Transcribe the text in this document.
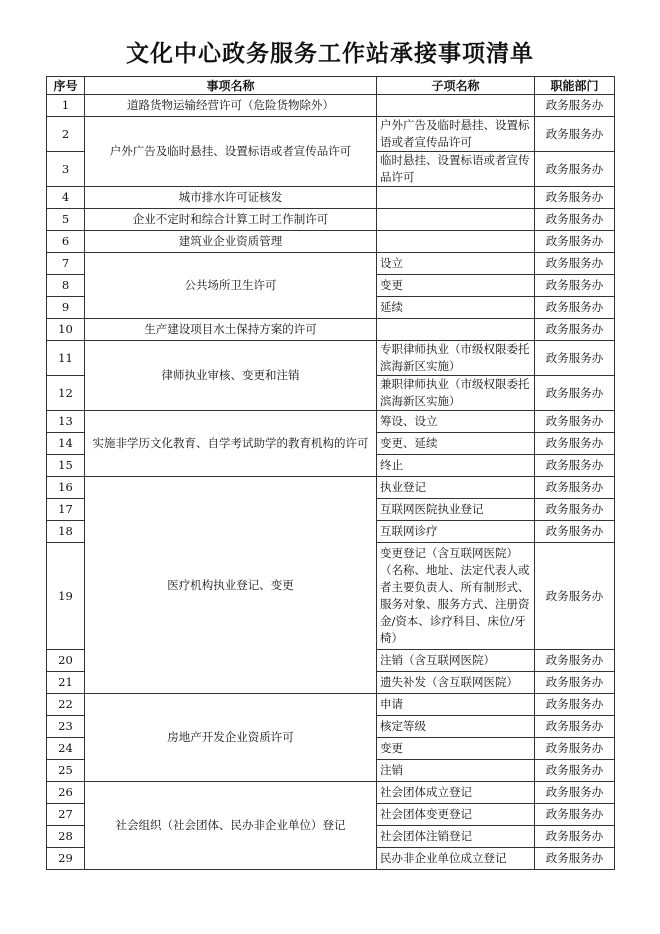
文化中心政务服务工作站承接事项清单
序号	事项名称	子项名称	职能部门
1	道路货物运输经营许可（危险货物除外）		政务服务办
2	户外广告及临时悬挂、设置标语或者宣传品许可	户外广告及临时悬挂、设置标语或者宣传品许可	政务服务办
3		临时悬挂、设置标语或者宣传品许可	政务服务办
4	城市排水许可证核发		政务服务办
5	企业不定时和综合计算工时工作制许可		政务服务办
6	建筑业企业资质管理		政务服务办
7	公共场所卫生许可	设立	政务服务办
8		变更	政务服务办
9		延续	政务服务办
10	生产建设项目水土保持方案的许可		政务服务办
11	律师执业审核、变更和注销	专职律师执业（市级权限委托滨海新区实施）	政务服务办
12		兼职律师执业（市级权限委托滨海新区实施）	政务服务办
13	实施非学历文化教育、自学考试助学的教育机构的许可	筹设、设立	政务服务办
14		变更、延续	政务服务办
15		终止	政务服务办
16	医疗机构执业登记、变更	执业登记	政务服务办
17		互联网医院执业登记	政务服务办
18		互联网诊疗	政务服务办
19		变更登记（含互联网医院）（名称、地址、法定代表人或者主要负责人、所有制形式、服务对象、服务方式、注册资金/资本、诊疗科目、床位/牙椅）	政务服务办
20		注销（含互联网医院）	政务服务办
21		遗失补发（含互联网医院）	政务服务办
22	房地产开发企业资质许可	申请	政务服务办
23		核定等级	政务服务办
24		变更	政务服务办
25		注销	政务服务办
26	社会组织（社会团体、民办非企业单位）登记	社会团体成立登记	政务服务办
27		社会团体变更登记	政务服务办
28		社会团体注销登记	政务服务办
29		民办非企业单位成立登记	政务服务办
